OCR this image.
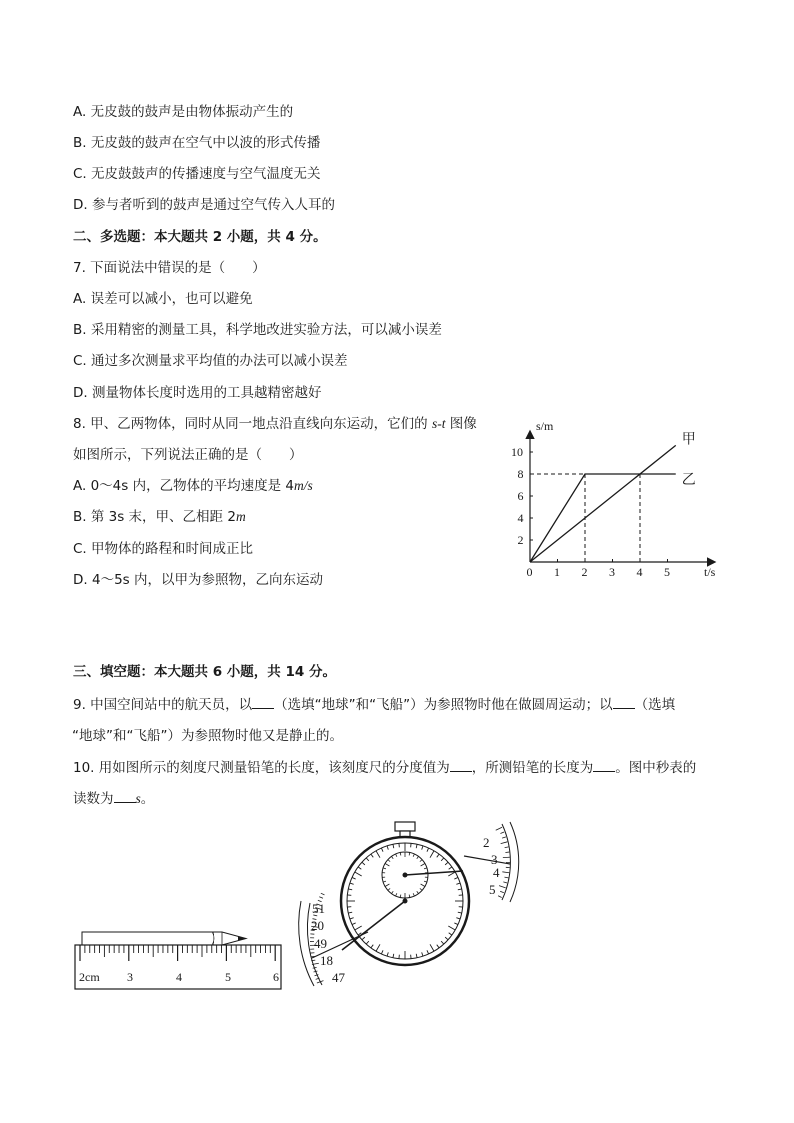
A. 无皮鼓的鼓声是由物体振动产生的
B. 无皮鼓的鼓声在空气中以波的形式传播
C. 无皮鼓鼓声的传播速度与空气温度无关
D. 参与者听到的鼓声是通过空气传入人耳的
二、多选题：本大题共 2 小题，共 4 分。
7. 下面说法中错误的是（　　）
A. 误差可以减小，也可以避免
B. 采用精密的测量工具，科学地改进实验方法，可以减小误差
C. 通过多次测量求平均值的办法可以减小误差
D. 测量物体长度时选用的工具越精密越好
8. 甲、乙两物体，同时从同一地点沿直线向东运动，它们的 s-t 图像
如图所示，下列说法正确的是（　　）
A. 0～4s 内，乙物体的平均速度是 4m/s
B. 第 3s 末，甲、乙相距 2m
C. 甲物体的路程和时间成正比
D. 4～5s 内，以甲为参照物，乙向东运动	0 1 2 3 4 5
2
4
6
8
10
甲
乙
s/m
t/s
三、填空题：本大题共 6 小题，共 14 分。
9. 中国空间站中的航天员，以 （选填“地球”和“飞船”）为参照物时他在做圆周运动；以 （选填
“地球”和“飞船”）为参照物时他又是静止的。
10. 用如图所示的刻度尺测量铅笔的长度，该刻度尺的分度值为 ，所测铅笔的长度为 。图中秒表的
读数为 s。
2cm 3	4	5	6
51
20
49
18
47
2
3
4
5
